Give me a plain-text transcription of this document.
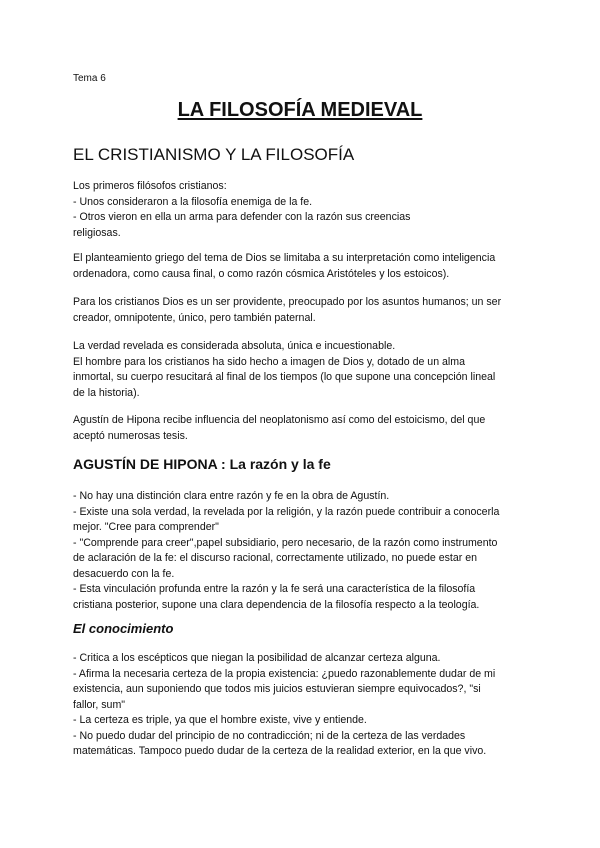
Tema 6
LA FILOSOFÍA MEDIEVAL
EL CRISTIANISMO Y LA FILOSOFÍA
Los primeros filósofos cristianos:
- Unos consideraron a la filosofía enemiga de la fe.
- Otros vieron en ella un arma para defender con la razón sus creencias
religiosas.
El planteamiento griego del tema de Dios se limitaba a su interpretación como inteligencia
ordenadora, como causa final, o como razón cósmica Aristóteles y los estoicos).
Para los cristianos Dios es un ser providente, preocupado por los asuntos humanos; un ser
creador, omnipotente, único, pero también paternal.
La verdad revelada es considerada absoluta, única e incuestionable.
El hombre para los cristianos ha sido hecho a imagen de Dios y, dotado de un alma
inmortal, su cuerpo resucitará al final de los tiempos (lo que supone una concepción lineal
de la historia).
Agustín de Hipona recibe influencia del neoplatonismo así como del estoicismo, del que
aceptó numerosas tesis.
AGUSTÍN DE HIPONA : La razón y la fe
- No hay una distinción clara entre razón y fe en la obra de Agustín.
- Existe una sola verdad, la revelada por la religión, y la razón puede contribuir a conocerla
mejor. "Cree para comprender"
- "Comprende para creer",papel subsidiario, pero necesario, de la razón como instrumento
de aclaración de la fe: el discurso racional, correctamente utilizado, no puede estar en
desacuerdo con la fe.
- Esta vinculación profunda entre la razón y la fe será una característica de la filosofía
cristiana posterior, supone una clara dependencia de la filosofía respecto a la teología.
El conocimiento
- Critica a los escépticos que niegan la posibilidad de alcanzar certeza alguna.
- Afirma la necesaria certeza de la propia existencia: ¿puedo razonablemente dudar de mi
existencia, aun suponiendo que todos mis juicios estuvieran siempre equivocados?, "si
fallor, sum"
- La certeza es triple, ya que el hombre existe, vive y entiende.
- No puedo dudar del principio de no contradicción; ni de la certeza de las verdades
matemáticas. Tampoco puedo dudar de la certeza de la realidad exterior, en la que vivo.
